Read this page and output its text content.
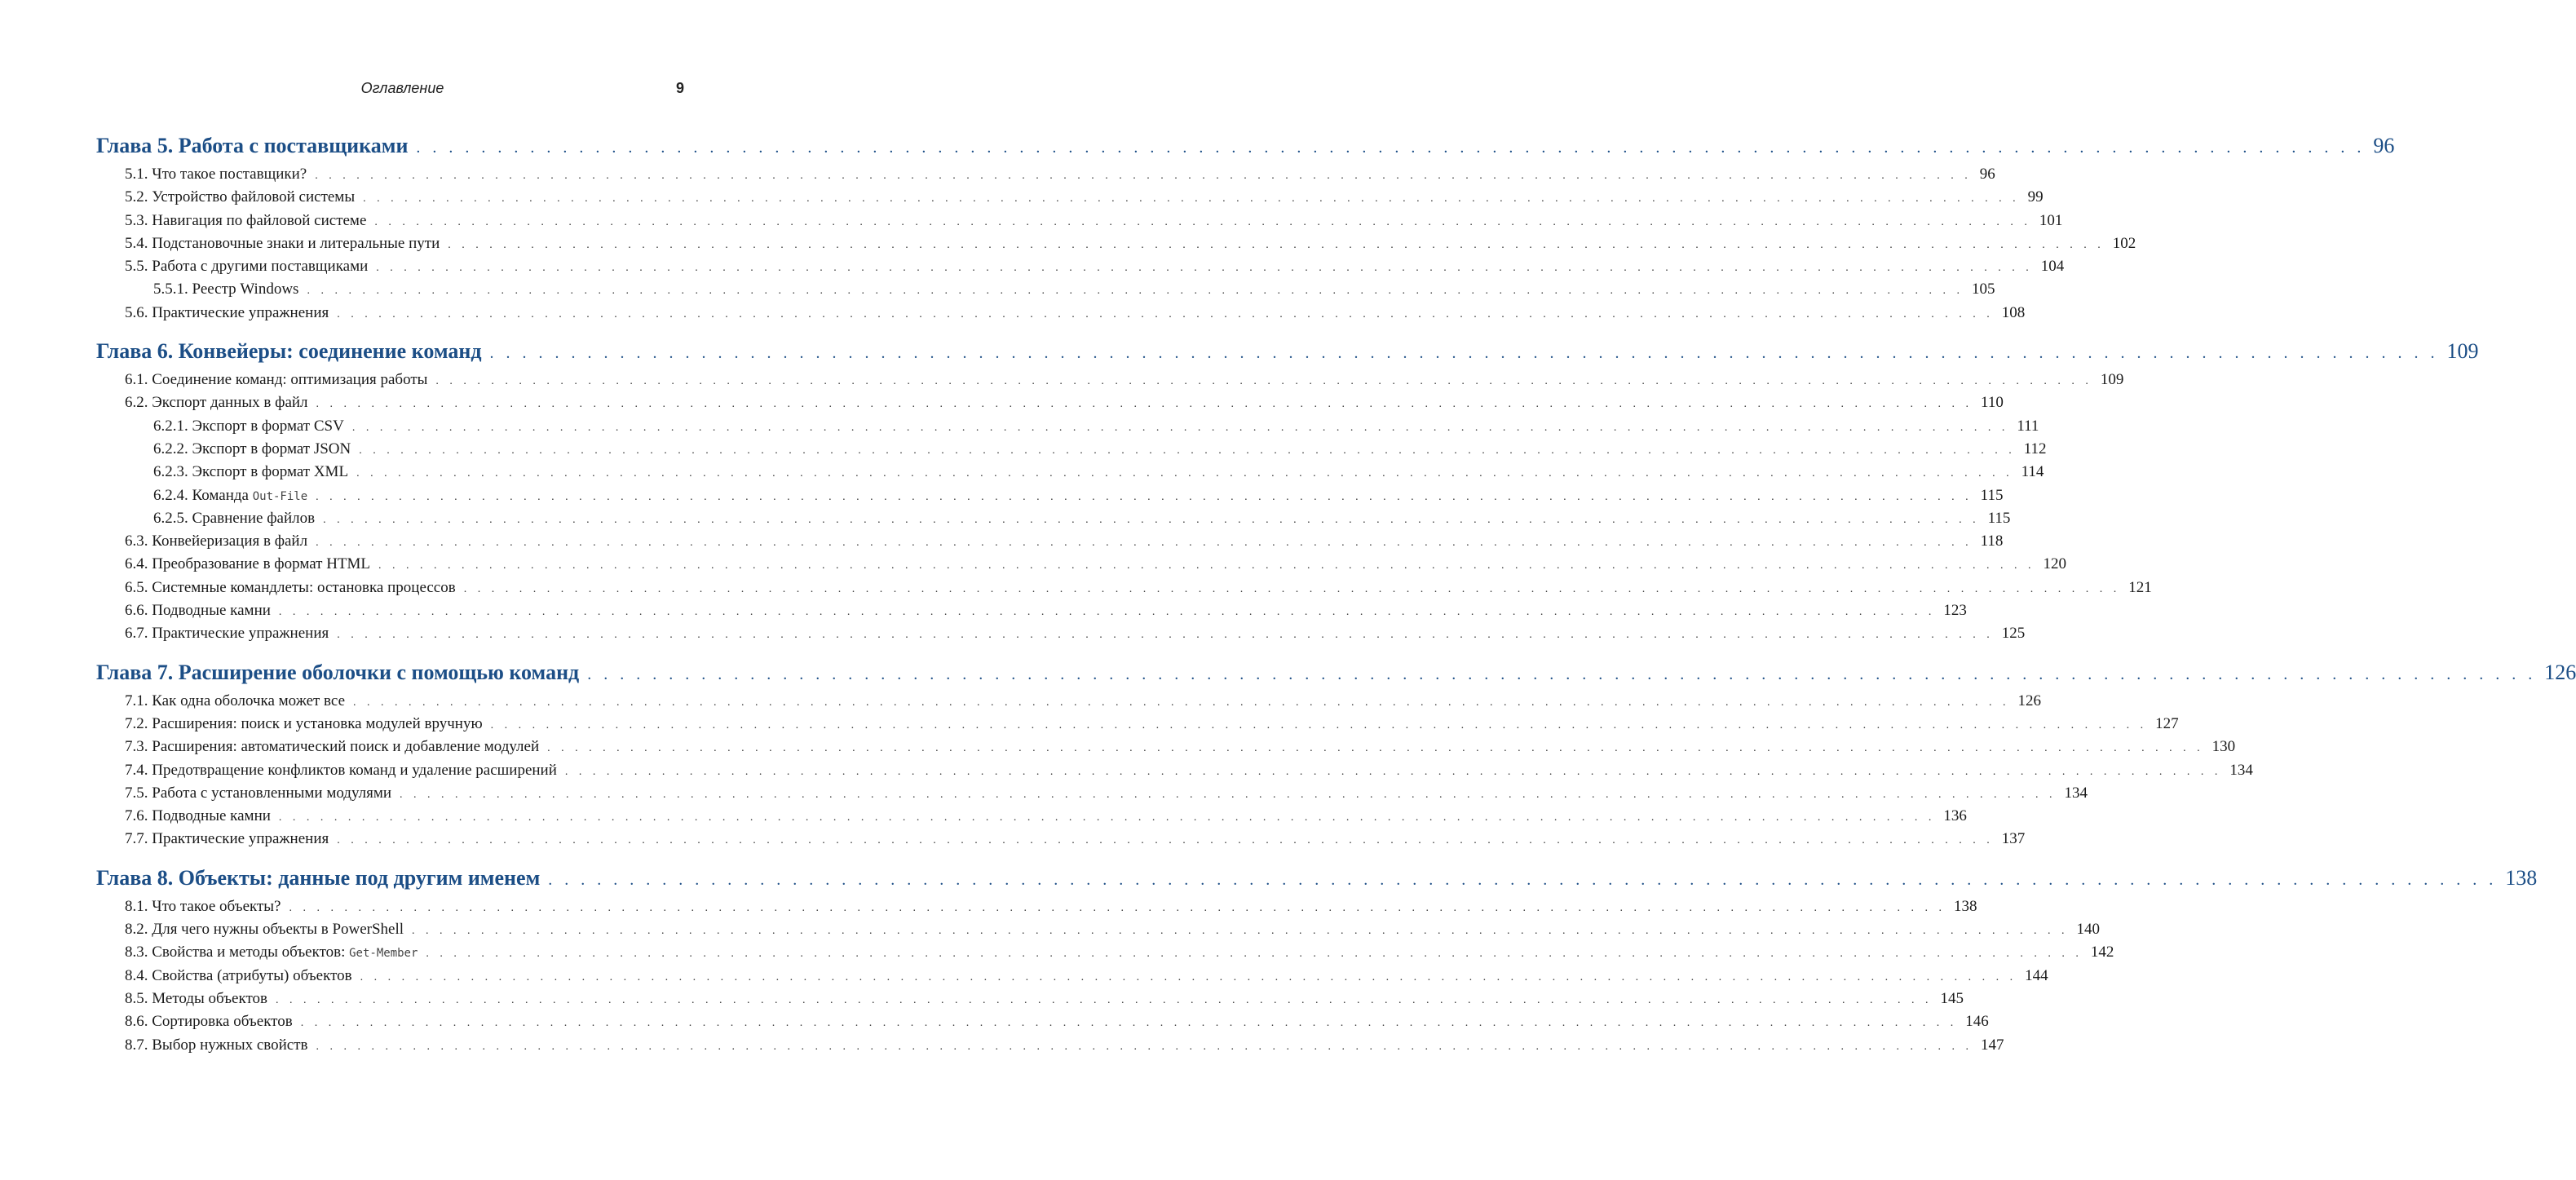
Оглавление	9
Глава 5. Работа с поставщиками . . . . . . . . . . . . . . . . . . . . . . . . . . . . . . . . . . . . . . . . . . . . . . . . . . . . . . . . . . . . . . . . . . . . . . . . . . . . . . . . . . . . . . . . . . . . . . . . . . . . . . . . . . . . . . . . . . . . . . . . 96
5.1. Что такое поставщики? . . . . . . . . . . . . . . . . . . . . . . . . . . . . . . . . . . . . . . . . . . . . . . . . . . . . . . . . . . . . . . . . . . . . . . . . . . . . . . . . . . . . . . . . . . . . . . . . . . . . . . . . . . . . . . . . . . . . . . . . 96
5.2. Устройство файловой системы . . . . . . . . . . . . . . . . . . . . . . . . . . . . . . . . . . . . . . . . . . . . . . . . . . . . . . . . . . . . . . . . . . . . . . . . . . . . . . . . . . . . . . . . . . . . . . . . . . . . . . . . . . . . . . . . . . . . . . . . 99
5.3. Навигация по файловой системе . . . . . . . . . . . . . . . . . . . . . . . . . . . . . . . . . . . . . . . . . . . . . . . . . . . . . . . . . . . . . . . . . . . . . . . . . . . . . . . . . . . . . . . . . . . . . . . . . . . . . . . . . . . . . . . . . . . . . . . . 101
5.4. Подстановочные знаки и литеральные пути . . . . . . . . . . . . . . . . . . . . . . . . . . . . . . . . . . . . . . . . . . . . . . . . . . . . . . . . . . . . . . . . . . . . . . . . . . . . . . . . . . . . . . . . . . . . . . . . . . . . . . . . . . . . . . . . . . . . . . . . 102
5.5. Работа с другими поставщиками . . . . . . . . . . . . . . . . . . . . . . . . . . . . . . . . . . . . . . . . . . . . . . . . . . . . . . . . . . . . . . . . . . . . . . . . . . . . . . . . . . . . . . . . . . . . . . . . . . . . . . . . . . . . . . . . . . . . . . . . 104
5.5.1. Реестр Windows . . . . . . . . . . . . . . . . . . . . . . . . . . . . . . . . . . . . . . . . . . . . . . . . . . . . . . . . . . . . . . . . . . . . . . . . . . . . . . . . . . . . . . . . . . . . . . . . . . . . . . . . . . . . . . . . . . . . . . . . 105
5.6. Практические упражнения . . . . . . . . . . . . . . . . . . . . . . . . . . . . . . . . . . . . . . . . . . . . . . . . . . . . . . . . . . . . . . . . . . . . . . . . . . . . . . . . . . . . . . . . . . . . . . . . . . . . . . . . . . . . . . . . . . . . . . . . 108
Глава 6. Конвейеры: соединение команд . . . . . . . . . . . . . . . . . . . . . . . . . . . . . . . . . . . . . . . . . . . . . . . . . . . . . . . . . . . . . . . . . . . . . . . . . . . . . . . . . . . . . . . . . . . . . . . . . . . . . . . . . . . . . . . . . . . . . . . . 109
6.1. Соединение команд: оптимизация работы . . . . . . . . . . . . . . . . . . . . . . . . . . . . . . . . . . . . . . . . . . . . . . . . . . . . . . . . . . . . . . . . . . . . . . . . . . . . . . . . . . . . . . . . . . . . . . . . . . . . . . . . . . . . . . . . . . . . . . . . 109
6.2. Экспорт данных в файл . . . . . . . . . . . . . . . . . . . . . . . . . . . . . . . . . . . . . . . . . . . . . . . . . . . . . . . . . . . . . . . . . . . . . . . . . . . . . . . . . . . . . . . . . . . . . . . . . . . . . . . . . . . . . . . . . . . . . . . . 110
6.2.1. Экспорт в формат CSV . . . . . . . . . . . . . . . . . . . . . . . . . . . . . . . . . . . . . . . . . . . . . . . . . . . . . . . . . . . . . . . . . . . . . . . . . . . . . . . . . . . . . . . . . . . . . . . . . . . . . . . . . . . . . . . . . . . . . . . . 111
6.2.2. Экспорт в формат JSON . . . . . . . . . . . . . . . . . . . . . . . . . . . . . . . . . . . . . . . . . . . . . . . . . . . . . . . . . . . . . . . . . . . . . . . . . . . . . . . . . . . . . . . . . . . . . . . . . . . . . . . . . . . . . . . . . . . . . . . . 112
6.2.3. Экспорт в формат XML . . . . . . . . . . . . . . . . . . . . . . . . . . . . . . . . . . . . . . . . . . . . . . . . . . . . . . . . . . . . . . . . . . . . . . . . . . . . . . . . . . . . . . . . . . . . . . . . . . . . . . . . . . . . . . . . . . . . . . . . 114
6.2.4. Команда Out-File . . . . . . . . . . . . . . . . . . . . . . . . . . . . . . . . . . . . . . . . . . . . . . . . . . . . . . . . . . . . . . . . . . . . . . . . . . . . . . . . . . . . . . . . . . . . . . . . . . . . . . . . . . . . . . . . . . . . . . . . 115
6.2.5. Сравнение файлов . . . . . . . . . . . . . . . . . . . . . . . . . . . . . . . . . . . . . . . . . . . . . . . . . . . . . . . . . . . . . . . . . . . . . . . . . . . . . . . . . . . . . . . . . . . . . . . . . . . . . . . . . . . . . . . . . . . . . . . . 115
6.3. Конвейеризация в файл . . . . . . . . . . . . . . . . . . . . . . . . . . . . . . . . . . . . . . . . . . . . . . . . . . . . . . . . . . . . . . . . . . . . . . . . . . . . . . . . . . . . . . . . . . . . . . . . . . . . . . . . . . . . . . . . . . . . . . . . 118
6.4. Преобразование в формат HTML . . . . . . . . . . . . . . . . . . . . . . . . . . . . . . . . . . . . . . . . . . . . . . . . . . . . . . . . . . . . . . . . . . . . . . . . . . . . . . . . . . . . . . . . . . . . . . . . . . . . . . . . . . . . . . . . . . . . . . . . 120
6.5. Системные командлеты: остановка процессов . . . . . . . . . . . . . . . . . . . . . . . . . . . . . . . . . . . . . . . . . . . . . . . . . . . . . . . . . . . . . . . . . . . . . . . . . . . . . . . . . . . . . . . . . . . . . . . . . . . . . . . . . . . . . . . . . . . . . . . . 121
6.6. Подводные камни . . . . . . . . . . . . . . . . . . . . . . . . . . . . . . . . . . . . . . . . . . . . . . . . . . . . . . . . . . . . . . . . . . . . . . . . . . . . . . . . . . . . . . . . . . . . . . . . . . . . . . . . . . . . . . . . . . . . . . . . 123
6.7. Практические упражнения . . . . . . . . . . . . . . . . . . . . . . . . . . . . . . . . . . . . . . . . . . . . . . . . . . . . . . . . . . . . . . . . . . . . . . . . . . . . . . . . . . . . . . . . . . . . . . . . . . . . . . . . . . . . . . . . . . . . . . . . 125
Глава 7. Расширение оболочки с помощью команд . . . . . . . . . . . . . . . . . . . . . . . . . . . . . . . . . . . . . . . . . . . . . . . . . . . . . . . . . . . . . . . . . . . . . . . . . . . . . . . . . . . . . . . . . . . . . . . . . . . . . . . . . . . . . . . . . . . . . . . . 126
7.1. Как одна оболочка может все . . . . . . . . . . . . . . . . . . . . . . . . . . . . . . . . . . . . . . . . . . . . . . . . . . . . . . . . . . . . . . . . . . . . . . . . . . . . . . . . . . . . . . . . . . . . . . . . . . . . . . . . . . . . . . . . . . . . . . . . 126
7.2. Расширения: поиск и установка модулей вручную . . . . . . . . . . . . . . . . . . . . . . . . . . . . . . . . . . . . . . . . . . . . . . . . . . . . . . . . . . . . . . . . . . . . . . . . . . . . . . . . . . . . . . . . . . . . . . . . . . . . . . . . . . . . . . . . . . . . . . . . 127
7.3. Расширения: автоматический поиск и добавление модулей . . . . . . . . . . . . . . . . . . . . . . . . . . . . . . . . . . . . . . . . . . . . . . . . . . . . . . . . . . . . . . . . . . . . . . . . . . . . . . . . . . . . . . . . . . . . . . . . . . . . . . . . . . . . . . . . . . . . . . . . 130
7.4. Предотвращение конфликтов команд и удаление расширений . . . . . . . . . . . . . . . . . . . . . . . . . . . . . . . . . . . . . . . . . . . . . . . . . . . . . . . . . . . . . . . . . . . . . . . . . . . . . . . . . . . . . . . . . . . . . . . . . . . . . . . . . . . . . . . . . . . . . . . . 134
7.5. Работа с установленными модулями . . . . . . . . . . . . . . . . . . . . . . . . . . . . . . . . . . . . . . . . . . . . . . . . . . . . . . . . . . . . . . . . . . . . . . . . . . . . . . . . . . . . . . . . . . . . . . . . . . . . . . . . . . . . . . . . . . . . . . . . 134
7.6. Подводные камни . . . . . . . . . . . . . . . . . . . . . . . . . . . . . . . . . . . . . . . . . . . . . . . . . . . . . . . . . . . . . . . . . . . . . . . . . . . . . . . . . . . . . . . . . . . . . . . . . . . . . . . . . . . . . . . . . . . . . . . . 136
7.7. Практические упражнения . . . . . . . . . . . . . . . . . . . . . . . . . . . . . . . . . . . . . . . . . . . . . . . . . . . . . . . . . . . . . . . . . . . . . . . . . . . . . . . . . . . . . . . . . . . . . . . . . . . . . . . . . . . . . . . . . . . . . . . . 137
Глава 8. Объекты: данные под другим именем . . . . . . . . . . . . . . . . . . . . . . . . . . . . . . . . . . . . . . . . . . . . . . . . . . . . . . . . . . . . . . . . . . . . . . . . . . . . . . . . . . . . . . . . . . . . . . . . . . . . . . . . . . . . . . . . . . . . . . . . 138
8.1. Что такое объекты? . . . . . . . . . . . . . . . . . . . . . . . . . . . . . . . . . . . . . . . . . . . . . . . . . . . . . . . . . . . . . . . . . . . . . . . . . . . . . . . . . . . . . . . . . . . . . . . . . . . . . . . . . . . . . . . . . . . . . . . . 138
8.2. Для чего нужны объекты в PowerShell . . . . . . . . . . . . . . . . . . . . . . . . . . . . . . . . . . . . . . . . . . . . . . . . . . . . . . . . . . . . . . . . . . . . . . . . . . . . . . . . . . . . . . . . . . . . . . . . . . . . . . . . . . . . . . . . . . . . . . . . 140
8.3. Свойства и методы объектов: Get-Member . . . . . . . . . . . . . . . . . . . . . . . . . . . . . . . . . . . . . . . . . . . . . . . . . . . . . . . . . . . . . . . . . . . . . . . . . . . . . . . . . . . . . . . . . . . . . . . . . . . . . . . . . . . . . . . . . . . . . . . . 142
8.4. Свойства (атрибуты) объектов . . . . . . . . . . . . . . . . . . . . . . . . . . . . . . . . . . . . . . . . . . . . . . . . . . . . . . . . . . . . . . . . . . . . . . . . . . . . . . . . . . . . . . . . . . . . . . . . . . . . . . . . . . . . . . . . . . . . . . . . 144
8.5. Методы объектов . . . . . . . . . . . . . . . . . . . . . . . . . . . . . . . . . . . . . . . . . . . . . . . . . . . . . . . . . . . . . . . . . . . . . . . . . . . . . . . . . . . . . . . . . . . . . . . . . . . . . . . . . . . . . . . . . . . . . . . . 145
8.6. Сортировка объектов . . . . . . . . . . . . . . . . . . . . . . . . . . . . . . . . . . . . . . . . . . . . . . . . . . . . . . . . . . . . . . . . . . . . . . . . . . . . . . . . . . . . . . . . . . . . . . . . . . . . . . . . . . . . . . . . . . . . . . . . 146
8.7. Выбор нужных свойств . . . . . . . . . . . . . . . . . . . . . . . . . . . . . . . . . . . . . . . . . . . . . . . . . . . . . . . . . . . . . . . . . . . . . . . . . . . . . . . . . . . . . . . . . . . . . . . . . . . . . . . . . . . . . . . . . . . . . . . . 147
